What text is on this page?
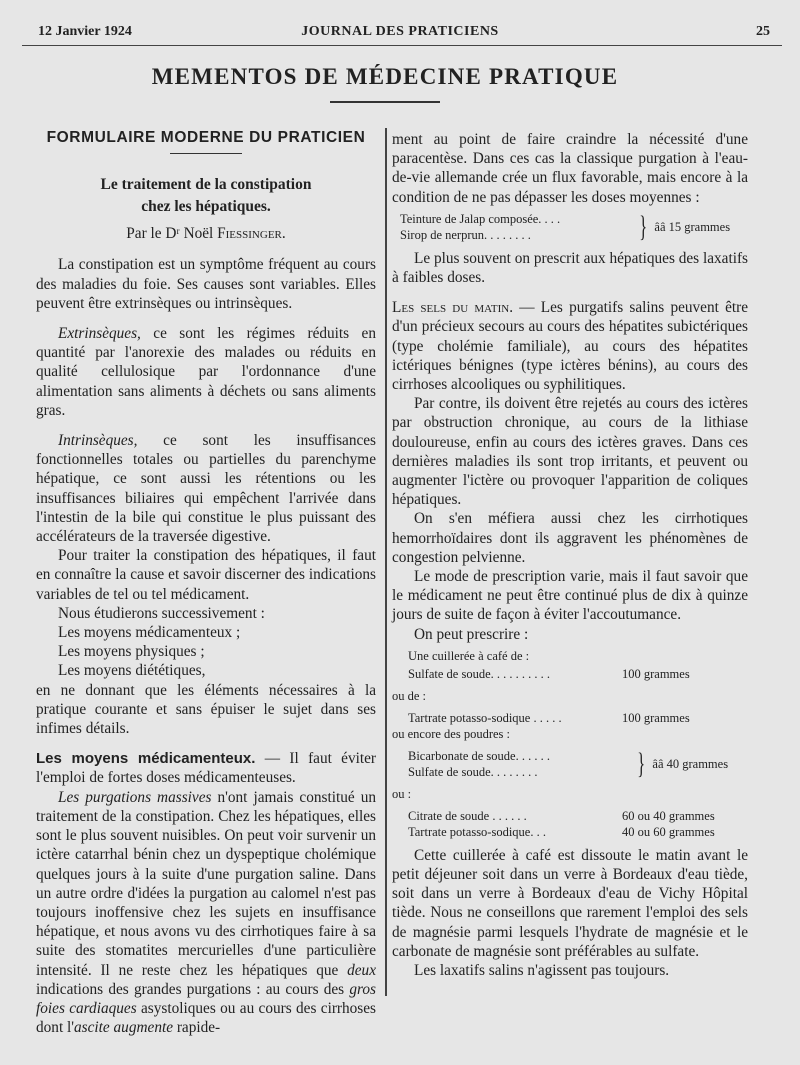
12 Janvier 1924	JOURNAL DES PRATICIENS	25
MEMENTOS DE MÉDECINE PRATIQUE
FORMULAIRE MODERNE DU PRATICIEN
Le traitement de la constipation
chez les hépatiques.
Par le Dʳ Noël Fiessinger.

La constipation est un symptôme fréquent au cours des maladies du foie. Ses causes sont variables. Elles peuvent être extrinsèques ou intrinsèques.

Extrinsèques, ce sont les régimes réduits en quantité par l'anorexie des malades ou réduits en qualité cellulosique par l'ordonnance d'une alimentation sans aliments à déchets ou sans aliments gras.

Intrinsèques, ce sont les insuffisances fonctionnelles totales ou partielles du parenchyme hépatique, ce sont aussi les rétentions ou les insuffisances biliaires qui empêchent l'arrivée dans l'intestin de la bile qui constitue le plus puissant des accélérateurs de la traversée digestive.

Pour traiter la constipation des hépatiques, il faut en connaître la cause et savoir discerner des indications variables de tel ou tel médicament.

Nous étudierons successivement :

Les moyens médicamenteux ;

Les moyens physiques ;

Les moyens diététiques,

en ne donnant que les éléments nécessaires à la pratique courante et sans épuiser le sujet dans ses infimes détails.

Les moyens médicamenteux. — Il faut éviter l'emploi de fortes doses médicamenteuses.

Les purgations massives n'ont jamais constitué un traitement de la constipation. Chez les hépatiques, elles sont le plus souvent nuisibles. On peut voir survenir un ictère catarrhal bénin chez un dyspeptique cholémique quelques jours à la suite d'une purgation saline. Dans un autre ordre d'idées la purgation au calomel n'est pas toujours inoffensive chez les sujets en insuffisance hépatique, et nous avons vu des cirrhotiques faire à sa suite des stomatites mercurielles d'une particulière intensité. Il ne reste chez les hépatiques que deux indications des grandes purgations : au cours des gros foies cardiaques asystoliques ou au cours des cirrhoses dont l'ascite augmente rapide-

ment au point de faire craindre la nécessité d'une paracentèse. Dans ces cas la classique purgation à l'eau-de-vie allemande crée un flux favorable, mais encore à la condition de ne pas dépasser les doses moyennes :

Teinture de Jalap composée. . . .
Sirop de nerprun. . . . . . . .	} ââ 15 grammes

Le plus souvent on prescrit aux hépatiques des laxatifs à faibles doses.

Les sels du matin. — Les purgatifs salins peuvent être d'un précieux secours au cours des hépatites subictériques (type cholémie familiale), au cours des hépatites ictériques bénignes (type ictères bénins), au cours des cirrhoses alcooliques ou syphilitiques.

Par contre, ils doivent être rejetés au cours des ictères par obstruction chronique, au cours de la lithiase douloureuse, enfin au cours des ictères graves. Dans ces dernières maladies ils sont trop irritants, et peuvent ou augmenter l'ictère ou provoquer l'apparition de coliques hépatiques.

On s'en méfiera aussi chez les cirrhotiques hemorrhoïdaires dont ils aggravent les phénomènes de congestion pelvienne.

Le mode de prescription varie, mais il faut savoir que le médicament ne peut être continué plus de dix à quinze jours de suite de façon à éviter l'accoutumance.

On peut prescrire :

Une cuillerée à café de :
Sulfate de soude. . . . . . . . . .	100 grammes
ou de :
Tartrate potasso-sodique . . . . .	100 grammes
ou encore des poudres :
Bicarbonate de soude. . . . . .
Sulfate de soude. . . . . . . .	} ââ 40 grammes
ou :
Citrate de soude . . . . . .	60 ou 40 grammes
Tartrate potasso-sodique. . .	40 ou 60 grammes

Cette cuillerée à café est dissoute le matin avant le petit déjeuner soit dans un verre à Bordeaux d'eau tiède, soit dans un verre à Bordeaux d'eau de Vichy Hôpital tiède. Nous ne conseillons que rarement l'emploi des sels de magnésie parmi lesquels l'hydrate de magnésie et le carbonate de magnésie sont préférables au sulfate.

Les laxatifs salins n'agissent pas toujours.
